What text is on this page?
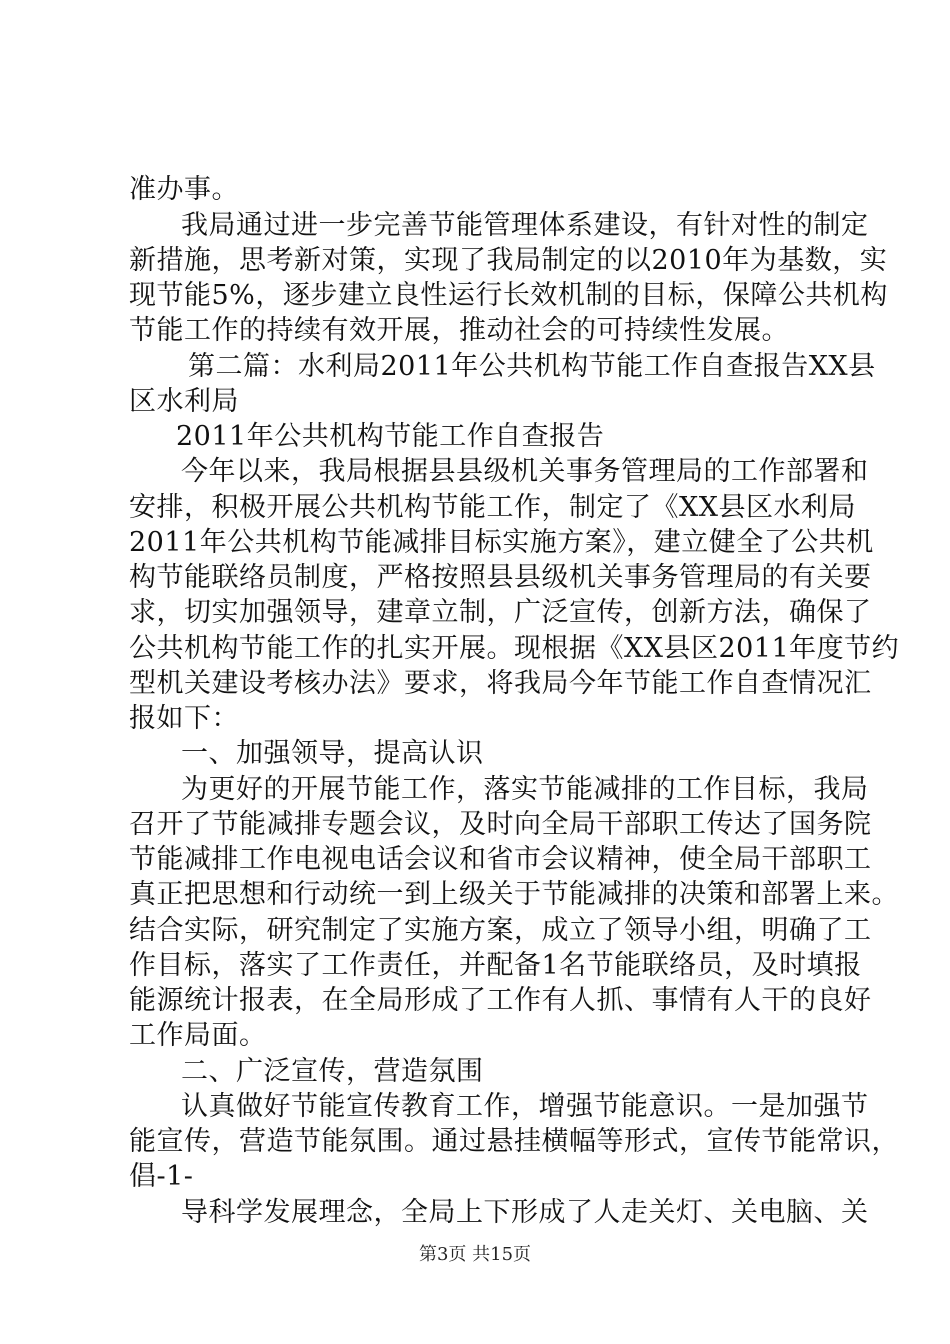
准办事。
我局通过进一步完善节能管理体系建设，有针对性的制定
新措施，思考新对策，实现了我局制定的以2010年为基数，实
现节能5%，逐步建立良性运行长效机制的目标，保障公共机构
节能工作的持续有效开展，推动社会的可持续性发展。
第二篇：水利局2011年公共机构节能工作自查报告XX县
区水利局
2011年公共机构节能工作自查报告
今年以来，我局根据县县级机关事务管理局的工作部署和
安排，积极开展公共机构节能工作，制定了《XX县区水利局
2011年公共机构节能减排目标实施方案》，建立健全了公共机
构节能联络员制度，严格按照县县级机关事务管理局的有关要
求，切实加强领导，建章立制，广泛宣传，创新方法，确保了
公共机构节能工作的扎实开展。现根据《XX县区2011年度节约
型机关建设考核办法》要求，将我局今年节能工作自查情况汇
报如下：
一、加强领导，提高认识
为更好的开展节能工作，落实节能减排的工作目标，我局
召开了节能减排专题会议，及时向全局干部职工传达了国务院
节能减排工作电视电话会议和省市会议精神，使全局干部职工
真正把思想和行动统一到上级关于节能减排的决策和部署上来。
结合实际，研究制定了实施方案，成立了领导小组，明确了工
作目标，落实了工作责任，并配备1名节能联络员，及时填报
能源统计报表，在全局形成了工作有人抓、事情有人干的良好
工作局面。
二、广泛宣传，营造氛围
认真做好节能宣传教育工作，增强节能意识。一是加强节
能宣传，营造节能氛围。通过悬挂横幅等形式，宣传节能常识，
倡-1-
导科学发展理念，全局上下形成了人走关灯、关电脑、关
第3页 共15页
